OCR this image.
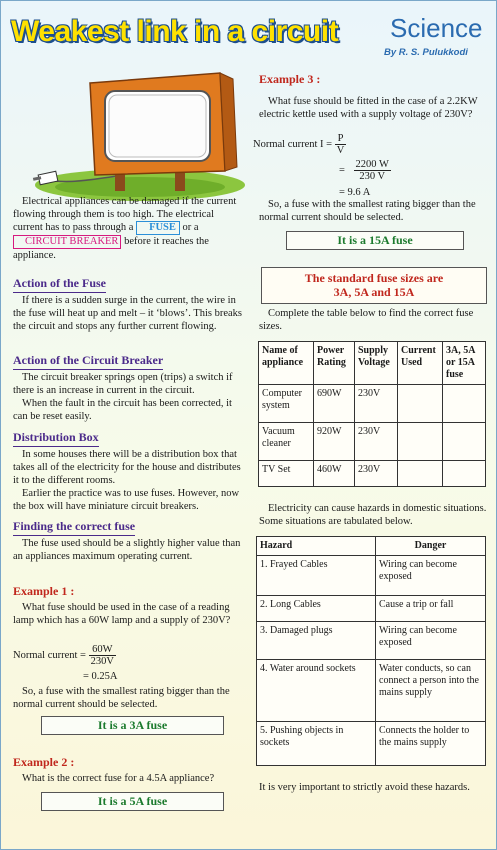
Weakest link in a circuit Science
By R. S. Pulukkodi

Electrical appliances can be damaged if the current flowing through them is too high. The electrical current has to pass through a FUSE or a CIRCUIT BREAKER before it reaches the appliance.

Action of the Fuse

If there is a sudden surge in the current, the wire in the fuse will heat up and melt – it ‘blows’. This breaks the circuit and stops any further current flowing.

Action of the Circuit Breaker

The circuit breaker springs open (trips) a switch if there is an increase in current in the circuit.

When the fault in the circuit has been corrected, it can be reset easily.

Distribution Box

In some houses there will be a distribution box that takes all of the electricity for the house and distributes it to the different rooms.

Earlier the practice was to use fuses. However, now the box will have miniature circuit breakers.

Finding the correct fuse

The fuse used should be a slightly higher value than an appliances maximum operating current.

Example 1 :

What fuse should be used in the case of a reading lamp which has a 60W lamp and a supply of 230V?

Normal current = $\frac{60W}{230V}$
= 0.25A

So, a fuse with the smallest rating bigger than the normal current should be selected.

It is a 3A fuse
Example 2 :

What is the correct fuse for a 4.5A appliance?

It is a 5A fuse
Example 3 :

What fuse should be fitted in the case of a 2.2KW electric kettle used with a supply voltage of 230V?

Normal current $I = \frac{P}{V}$
= $\frac{2200 W}{230 V}$
= 9.6 A

So, a fuse with the smallest rating bigger than the normal current should be selected.

It is a 15A fuse
The standard fuse sizes are
3A, 5A and 15A

Complete the table below to find the correct fuse sizes.

Name of appliance	Power Rating	Supply Voltage	Current Used	3A, 5A or 15A fuse
Computer system	690W	230V		
Vacuum cleaner	920W	230V		
TV Set	460W	230V		

Electricity can cause hazards in domestic situations. Some situations are tabulated below.

Hazard	Danger
1. Frayed Cables	Wiring can become exposed
2. Long Cables	Cause a trip or fall
3. Damaged plugs	Wiring can become exposed
4. Water around sockets	Water conducts, so can connect a person into the mains supply
5. Pushing objects in sockets	Connects the holder to the mains supply

It is very important to strictly avoid these hazards.
